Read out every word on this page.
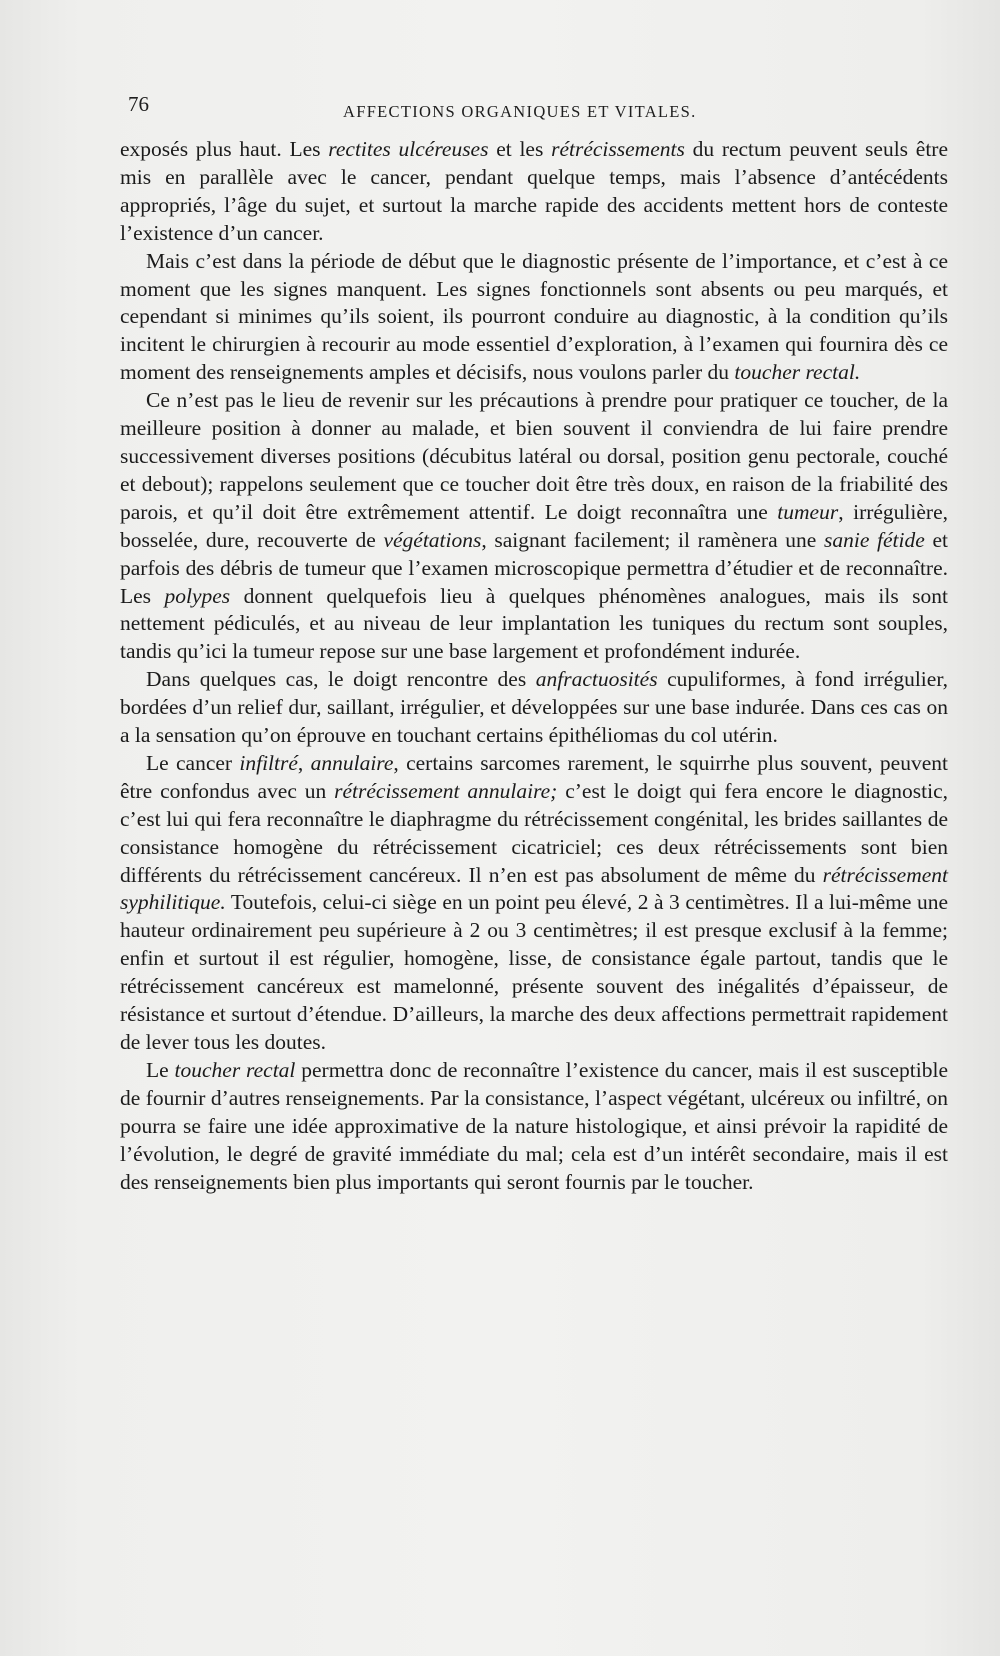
76	AFFECTIONS ORGANIQUES ET VITALES.

exposés plus haut. Les rectites ulcéreuses et les rétrécissements du rectum peuvent seuls être mis en parallèle avec le cancer, pendant quelque temps, mais l’absence d’antécédents appropriés, l’âge du sujet, et surtout la marche rapide des accidents mettent hors de conteste l’existence d’un cancer.

Mais c’est dans la période de début que le diagnostic présente de l’importance, et c’est à ce moment que les signes manquent. Les signes fonctionnels sont absents ou peu marqués, et cependant si minimes qu’ils soient, ils pourront conduire au diagnostic, à la condition qu’ils incitent le chirurgien à recourir au mode essentiel d’exploration, à l’examen qui fournira dès ce moment des renseignements amples et décisifs, nous voulons parler du toucher rectal.

Ce n’est pas le lieu de revenir sur les précautions à prendre pour pratiquer ce toucher, de la meilleure position à donner au malade, et bien souvent il conviendra de lui faire prendre successivement diverses positions (décubitus latéral ou dorsal, position genu pectorale, couché et debout); rappelons seulement que ce toucher doit être très doux, en raison de la friabilité des parois, et qu’il doit être extrêmement attentif. Le doigt reconnaîtra une tumeur, irrégulière, bosselée, dure, recouverte de végétations, saignant facilement; il ramènera une sanie fétide et parfois des débris de tumeur que l’examen microscopique permettra d’étudier et de reconnaître. Les polypes donnent quelquefois lieu à quelques phénomènes analogues, mais ils sont nettement pédiculés, et au niveau de leur implantation les tuniques du rectum sont souples, tandis qu’ici la tumeur repose sur une base largement et profondément indurée.

Dans quelques cas, le doigt rencontre des anfractuosités cupuliformes, à fond irrégulier, bordées d’un relief dur, saillant, irrégulier, et développées sur une base indurée. Dans ces cas on a la sensation qu’on éprouve en touchant certains épithéliomas du col utérin.

Le cancer infiltré, annulaire, certains sarcomes rarement, le squirrhe plus souvent, peuvent être confondus avec un rétrécissement annulaire; c’est le doigt qui fera encore le diagnostic, c’est lui qui fera reconnaître le diaphragme du rétrécissement congénital, les brides saillantes de consistance homogène du rétrécissement cicatriciel; ces deux rétrécissements sont bien différents du rétrécissement cancéreux. Il n’en est pas absolument de même du rétrécissement syphilitique. Toutefois, celui-ci siège en un point peu élevé, 2 à 3 centimètres. Il a lui-même une hauteur ordinairement peu supérieure à 2 ou 3 centimètres; il est presque exclusif à la femme; enfin et surtout il est régulier, homogène, lisse, de consistance égale partout, tandis que le rétrécissement cancéreux est mamelonné, présente souvent des inégalités d’épaisseur, de résistance et surtout d’étendue. D’ailleurs, la marche des deux affections permettrait rapidement de lever tous les doutes.

Le toucher rectal permettra donc de reconnaître l’existence du cancer, mais il est susceptible de fournir d’autres renseignements. Par la consistance, l’aspect végétant, ulcéreux ou infiltré, on pourra se faire une idée approximative de la nature histologique, et ainsi prévoir la rapidité de l’évolution, le degré de gravité immédiate du mal; cela est d’un intérêt secondaire, mais il est des renseignements bien plus importants qui seront fournis par le toucher.
